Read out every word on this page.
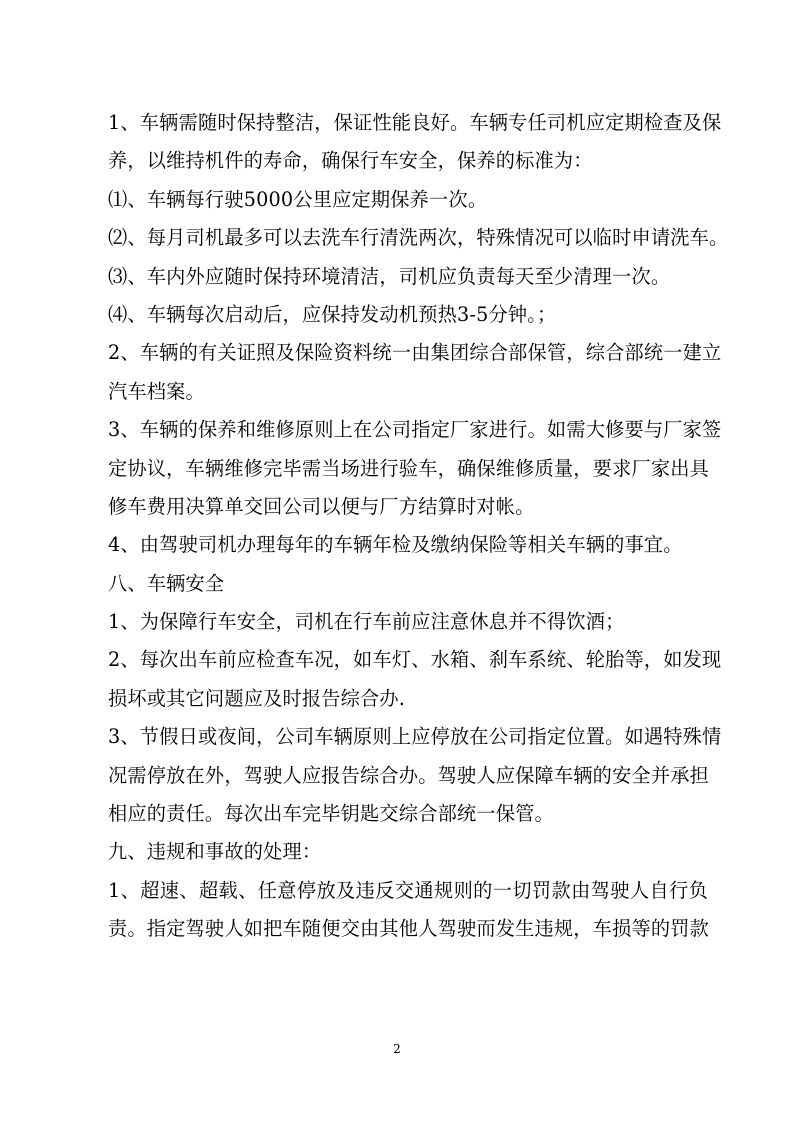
1、车辆需随时保持整洁，保证性能良好。车辆专任司机应定期检查及保
养，以维持机件的寿命，确保行车安全，保养的标准为：
⑴、车辆每行驶5000公里应定期保养一次。
⑵、每月司机最多可以去洗车行清洗两次，特殊情况可以临时申请洗车。
⑶、车内外应随时保持环境清洁，司机应负责每天至少清理一次。
⑷、车辆每次启动后，应保持发动机预热3-5分钟。；
2、车辆的有关证照及保险资料统一由集团综合部保管，综合部统一建立
汽车档案。
3、车辆的保养和维修原则上在公司指定厂家进行。如需大修要与厂家签
定协议，车辆维修完毕需当场进行验车，确保维修质量，要求厂家出具
修车费用决算单交回公司以便与厂方结算时对帐。
4、由驾驶司机办理每年的车辆年检及缴纳保险等相关车辆的事宜。
八、车辆安全
1、为保障行车安全，司机在行车前应注意休息并不得饮酒；
2、每次出车前应检查车况，如车灯、水箱、刹车系统、轮胎等，如发现
损坏或其它问题应及时报告综合办.
3、节假日或夜间，公司车辆原则上应停放在公司指定位置。如遇特殊情
况需停放在外，驾驶人应报告综合办。驾驶人应保障车辆的安全并承担
相应的责任。每次出车完毕钥匙交综合部统一保管。
九、违规和事故的处理：
1、超速、超载、任意停放及违反交通规则的一切罚款由驾驶人自行负
责。指定驾驶人如把车随便交由其他人驾驶而发生违规，车损等的罚款
2
